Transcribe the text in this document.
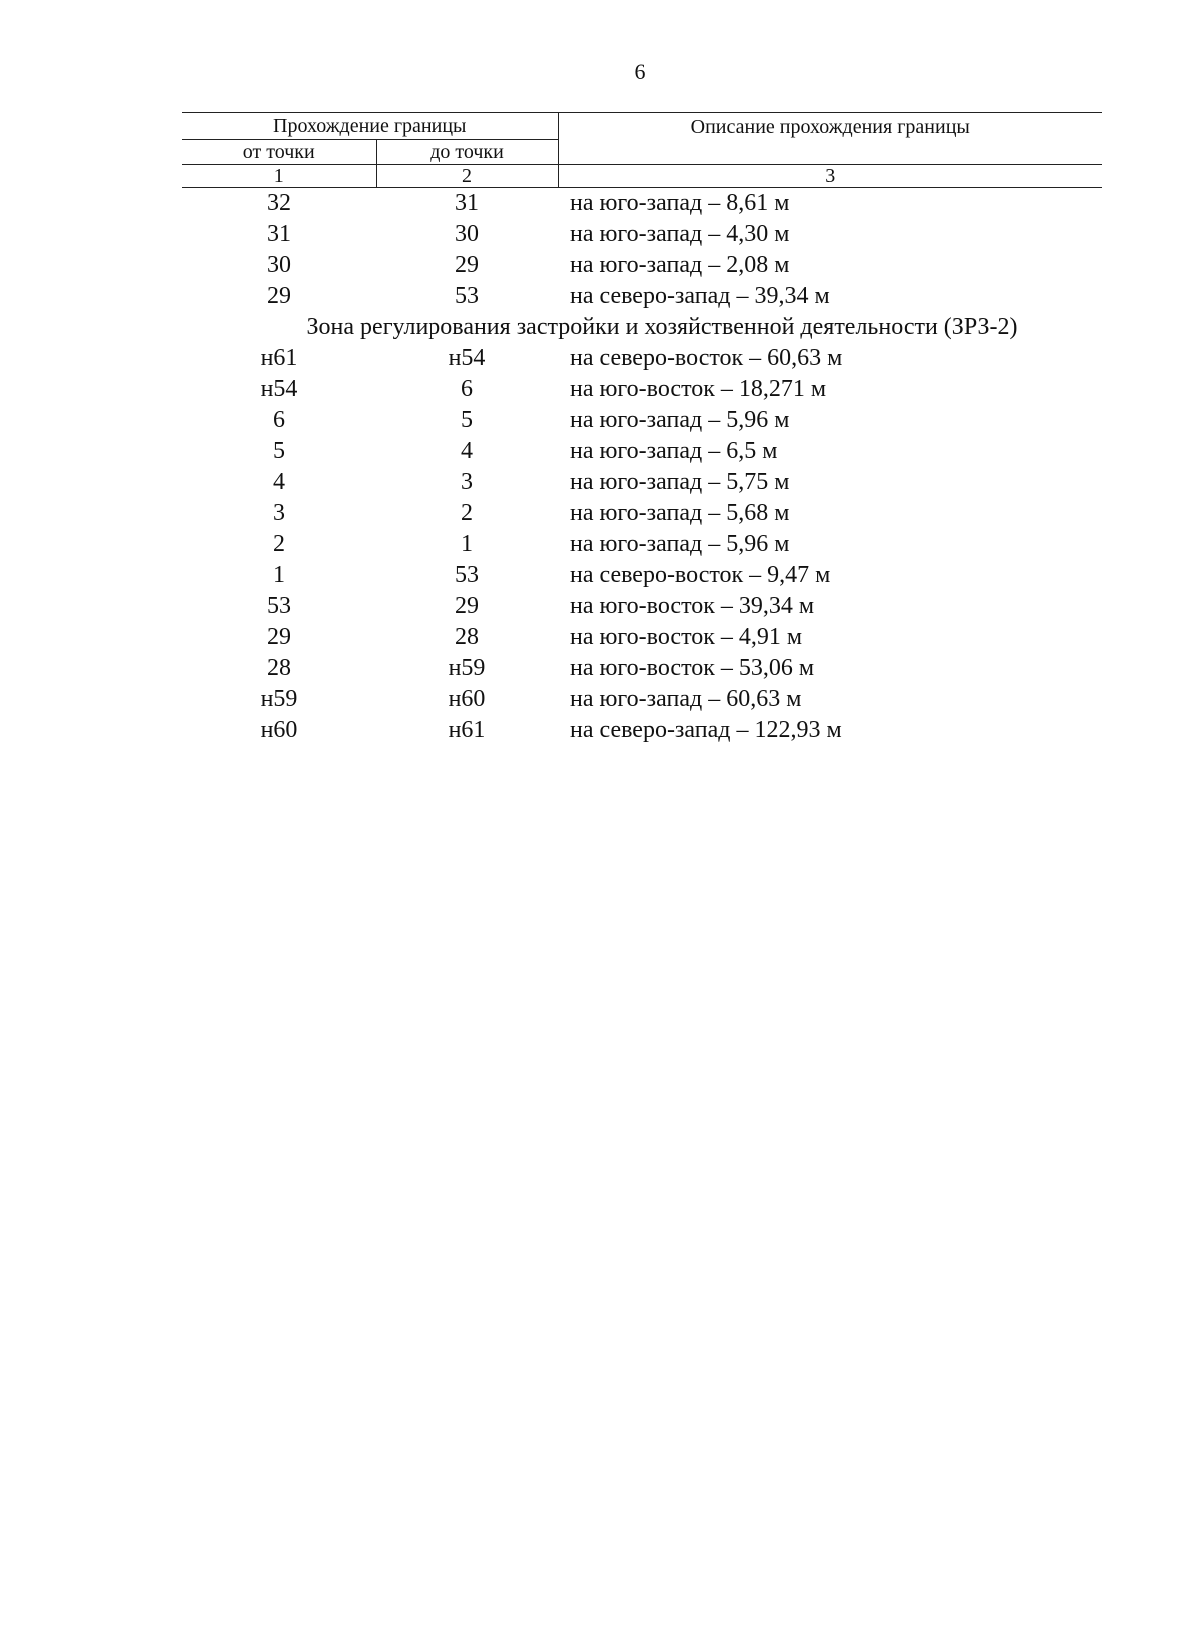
6
Прохождение границы		Описание прохождения границы
от точки	до точки	
1	2	3
32	31	на юго-запад – 8,61 м
31	30	на юго-запад – 4,30 м
30	29	на юго-запад – 2,08 м
29	53	на северо-запад – 39,34 м
Зона регулирования застройки и хозяйственной деятельности (ЗРЗ-2)		
н61	н54	на северо-восток – 60,63 м
н54	6	на юго-восток – 18,271 м
6	5	на юго-запад – 5,96 м
5	4	на юго-запад – 6,5 м
4	3	на юго-запад – 5,75 м
3	2	на юго-запад – 5,68 м
2	1	на юго-запад – 5,96 м
1	53	на северо-восток – 9,47 м
53	29	на юго-восток – 39,34 м
29	28	на юго-восток – 4,91 м
28	н59	на юго-восток – 53,06 м
н59	н60	на юго-запад – 60,63 м
н60	н61	на северо-запад – 122,93 м
